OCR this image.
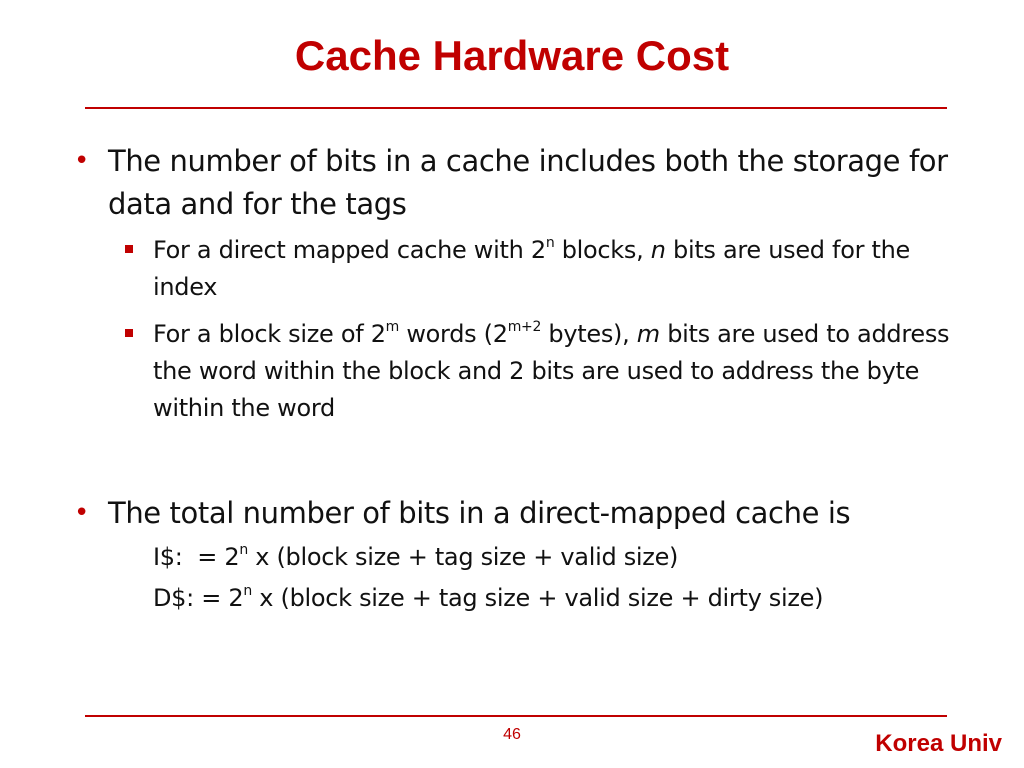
Cache Hardware Cost
• The number of bits in a cache includes both the storage for data and for the tags
For a direct mapped cache with 2$^n$ blocks, n bits are used for the index
For a block size of 2$^m$ words ($2^{m+2}$ bytes), m bits are used to address the word within the block and 2 bits are used to address the byte within the word
• The total number of bits in a direct-mapped cache is
I$:  = $2^n$ x (block size + tag size + valid size)
D$: = $2^n$ x (block size + tag size + valid size + dirty size)
46	Korea Univ
